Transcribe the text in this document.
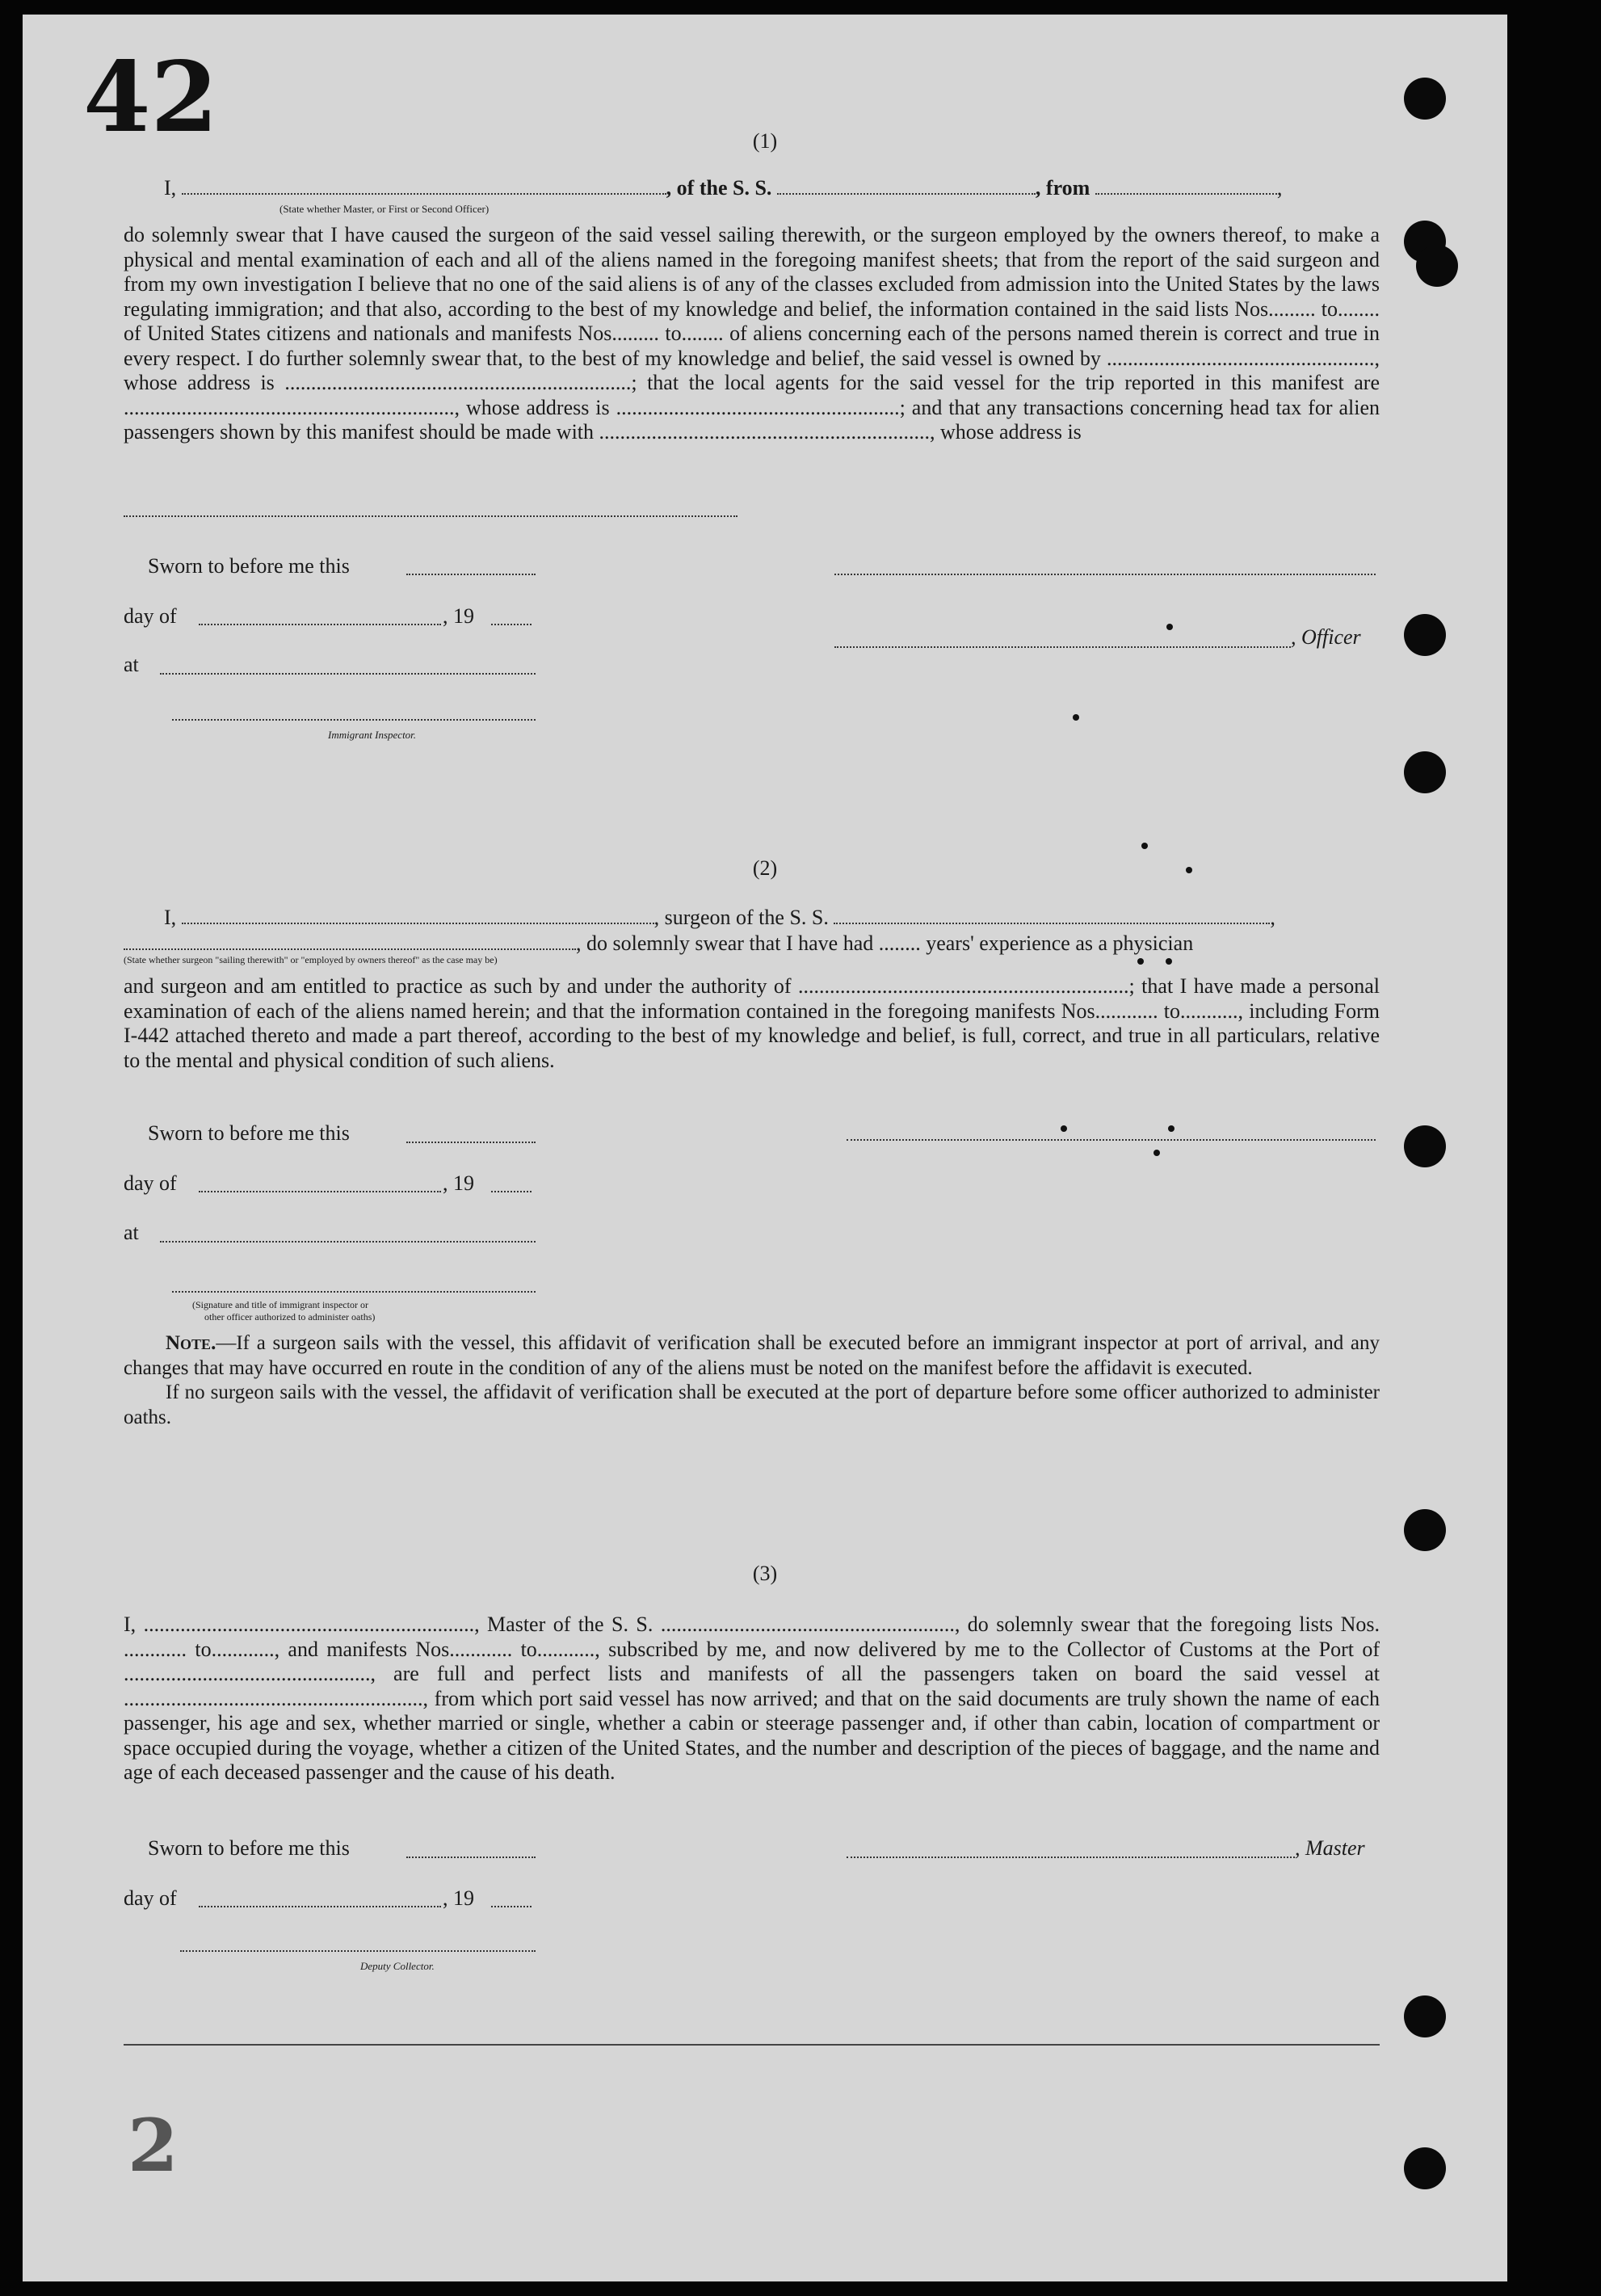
42
2
(1)
I,	, of the S. S.	, from	,
(State whether Master, or First or Second Officer)

do solemnly swear that I have caused the surgeon of the said vessel sailing therewith, or the surgeon employed by the owners thereof, to make a physical and mental examination of each and all of the aliens named in the foregoing manifest sheets; that from the report of the said surgeon and from my own investigation I believe that no one of the said aliens is of any of the classes excluded from admission into the United States by the laws regulating immigration; and that also, according to the best of my knowledge and belief, the information contained in the said lists Nos......... to........ of United States citizens and nationals and manifests Nos......... to........ of aliens concerning each of the persons named therein is correct and true in every respect. I do further solemnly swear that, to the best of my knowledge and belief, the said vessel is owned by ..................................................., whose address is ..................................................................; that the local agents for the said vessel for the trip reported in this manifest are ..............................................................., whose address is ......................................................; and that any transactions concerning head tax for alien passengers shown by this manifest should be made with ..............................................................., whose address is

Sworn to before me this
day of	, 19
, Officer
at
Immigrant Inspector.
(2)
I,	, surgeon of the S. S.	,
, do solemnly swear that I have had ........ years' experience as a physician
(State whether surgeon "sailing therewith" or "employed by owners thereof" as the case may be)

and surgeon and am entitled to practice as such by and under the authority of ...............................................................; that I have made a personal examination of each of the aliens named herein; and that the information contained in the foregoing manifests Nos............ to..........., including Form I-442 attached thereto and made a part thereof, according to the best of my knowledge and belief, is full, correct, and true in all particulars, relative to the mental and physical condition of such aliens.

Sworn to before me this
day of	, 19
at
(Signature and title of immigrant inspector or
other officer authorized to administer oaths)

Note.—If a surgeon sails with the vessel, this affidavit of verification shall be executed before an immigrant inspector at port of arrival, and any changes that may have occurred en route in the condition of any of the aliens must be noted on the manifest before the affidavit is executed.

If no surgeon sails with the vessel, the affidavit of verification shall be executed at the port of departure before some officer authorized to administer oaths.

(3)

I, ..............................................................., Master of the S. S. ........................................................, do solemnly swear that the foregoing lists Nos. ............ to............, and manifests Nos............ to..........., subscribed by me, and now delivered by me to the Collector of Customs at the Port of ..............................................., are full and perfect lists and manifests of all the passengers taken on board the said vessel at ........................................................., from which port said vessel has now arrived; and that on the said documents are truly shown the name of each passenger, his age and sex, whether married or single, whether a cabin or steerage passenger and, if other than cabin, location of compartment or space occupied during the voyage, whether a citizen of the United States, and the number and description of the pieces of baggage, and the name and age of each deceased passenger and the cause of his death.

Sworn to before me this	, Master
day of	, 19
Deputy Collector.
